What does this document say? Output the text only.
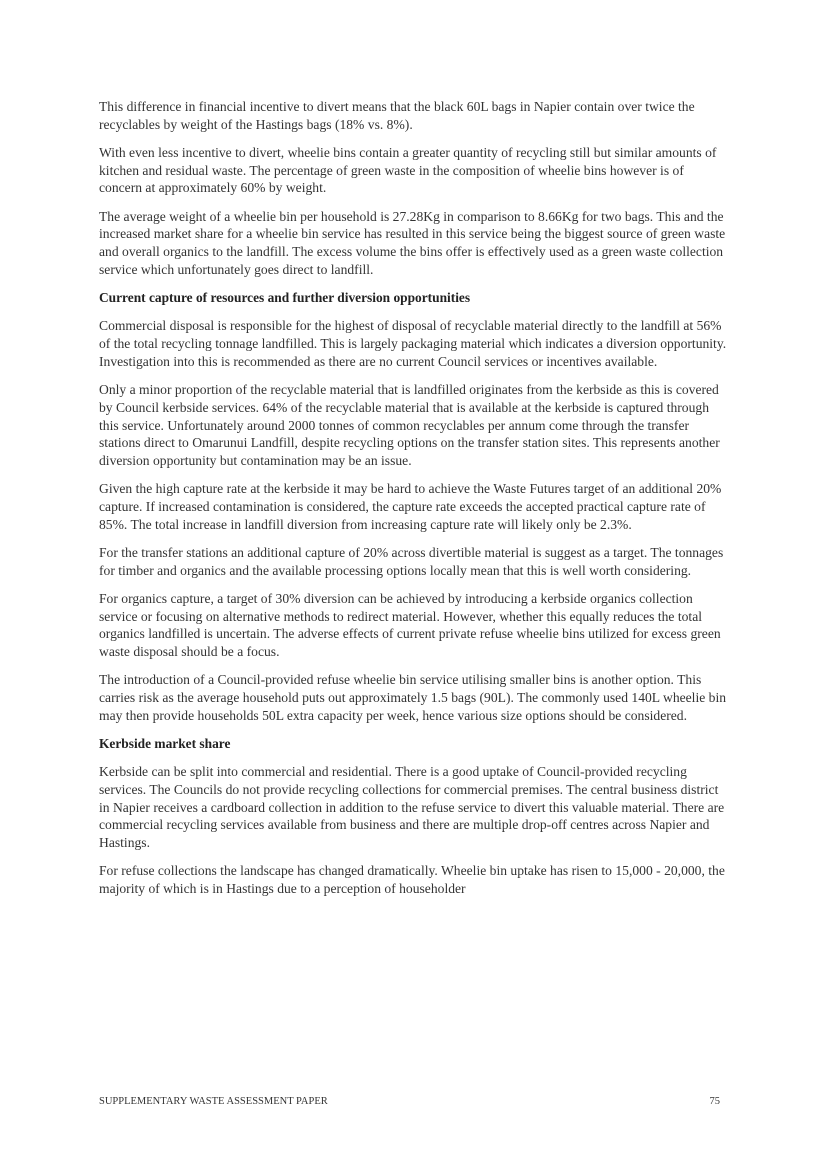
This difference in financial incentive to divert means that the black 60L bags in Napier contain over twice the recyclables by weight of the Hastings bags (18% vs. 8%).

With even less incentive to divert, wheelie bins contain a greater quantity of recycling still but similar amounts of kitchen and residual waste. The percentage of green waste in the composition of wheelie bins however is of concern at approximately 60% by weight.

The average weight of a wheelie bin per household is 27.28Kg in comparison to 8.66Kg for two bags. This and the increased market share for a wheelie bin service has resulted in this service being the biggest source of green waste and overall organics to the landfill. The excess volume the bins offer is effectively used as a green waste collection service which unfortunately goes direct to landfill.

Current capture of resources and further diversion opportunities

Commercial disposal is responsible for the highest of disposal of recyclable material directly to the landfill at 56% of the total recycling tonnage landfilled. This is largely packaging material which indicates a diversion opportunity. Investigation into this is recommended as there are no current Council services or incentives available.

Only a minor proportion of the recyclable material that is landfilled originates from the kerbside as this is covered by Council kerbside services. 64% of the recyclable material that is available at the kerbside is captured through this service. Unfortunately around 2000 tonnes of common recyclables per annum come through the transfer stations direct to Omarunui Landfill, despite recycling options on the transfer station sites. This represents another diversion opportunity but contamination may be an issue.

Given the high capture rate at the kerbside it may be hard to achieve the Waste Futures target of an additional 20% capture. If increased contamination is considered, the capture rate exceeds the accepted practical capture rate of 85%. The total increase in landfill diversion from increasing capture rate will likely only be 2.3%.

For the transfer stations an additional capture of 20% across divertible material is suggest as a target. The tonnages for timber and organics and the available processing options locally mean that this is well worth considering.

For organics capture, a target of 30% diversion can be achieved by introducing a kerbside organics collection service or focusing on alternative methods to redirect material. However, whether this equally reduces the total organics landfilled is uncertain. The adverse effects of current private refuse wheelie bins utilized for excess green waste disposal should be a focus.

The introduction of a Council-provided refuse wheelie bin service utilising smaller bins is another option. This carries risk as the average household puts out approximately 1.5 bags (90L). The commonly used 140L wheelie bin may then provide households 50L extra capacity per week, hence various size options should be considered.

Kerbside market share

Kerbside can be split into commercial and residential. There is a good uptake of Council-provided recycling services. The Councils do not provide recycling collections for commercial premises. The central business district in Napier receives a cardboard collection in addition to the refuse service to divert this valuable material. There are commercial recycling services available from business and there are multiple drop-off centres across Napier and Hastings.

For refuse collections the landscape has changed dramatically. Wheelie bin uptake has risen to 15,000 - 20,000, the majority of which is in Hastings due to a perception of householder

SUPPLEMENTARY WASTE ASSESSMENT PAPER	75
